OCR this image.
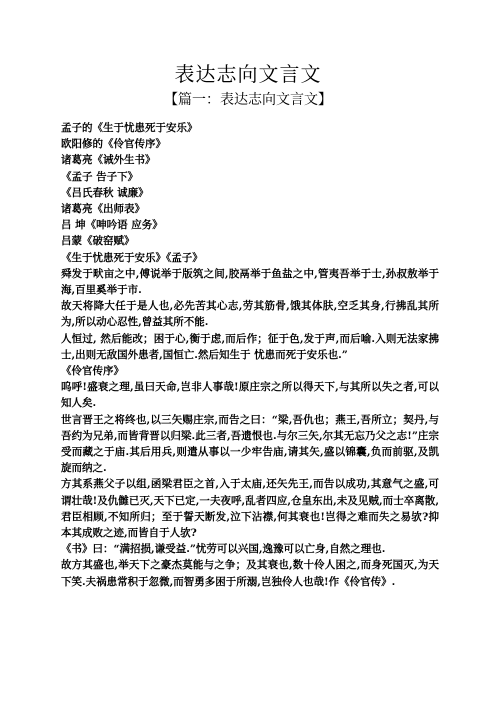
表达志向文言文
【篇一：表达志向文言文】
孟子的《生于忧患死于安乐》
欧阳修的《伶官传序》
诸葛亮《诫外生书》
《孟子 告子下》
《吕氏春秋 诚廉》
诸葛亮《出师表》
吕 坤《呻吟语 应务》
吕蒙《破窑赋》
《生于忧患死于安乐》《孟子》
舜发于畎亩之中,傅说举于版筑之间,胶鬲举于鱼盐之中,管夷吾举于士,孙叔敖举于海,百里奚举于市.
故天将降大任于是人也,必先苦其心志,劳其筋骨,饿其体肤,空乏其身,行拂乱其所为,所以动心忍性,曾益其所不能.
人恒过, 然后能改；困于心,衡于虑,而后作；征于色,发于声,而后喻.入则无法家拂士,出则无敌国外患者,国恒亡.然后知生于 忧患而死于安乐也.”
《伶官传序》
呜呼!盛衰之理,虽曰天命,岂非人事哉!原庄宗之所以得天下,与其所以失之者,可以知人矣.
世言晋王之将终也,以三矢赐庄宗,而告之曰：“梁,吾仇也；燕王,吾所立；契丹,与吾约为兄弟,而皆背晋以归梁.此三者,吾遗恨也.与尔三矢,尔其无忘乃父之志!”庄宗受而藏之于庙.其后用兵,则遣从事以一少牢告庙,请其矢,盛以锦囊,负而前驱,及凯旋而纳之.
方其系燕父子以组,函梁君臣之首,入于太庙,还矢先王,而告以成功,其意气之盛,可谓壮哉!及仇雠已灭,天下已定,一夫夜呼,乱者四应,仓皇东出,未及见贼,而士卒离散,君臣相顾,不知所归；至于誓天断发,泣下沾襟,何其衰也!岂得之难而失之易欤?抑本其成败之迹,而皆自于人欤?
《书》曰：“满招损,谦受益.”忧劳可以兴国,逸豫可以亡身,自然之理也.
故方其盛也,举天下之豪杰莫能与之争；及其衰也,数十伶人困之,而身死国灭,为天下笑.夫祸患常积于忽微,而智勇多困于所溺,岂独伶人也哉!作《伶官传》.
